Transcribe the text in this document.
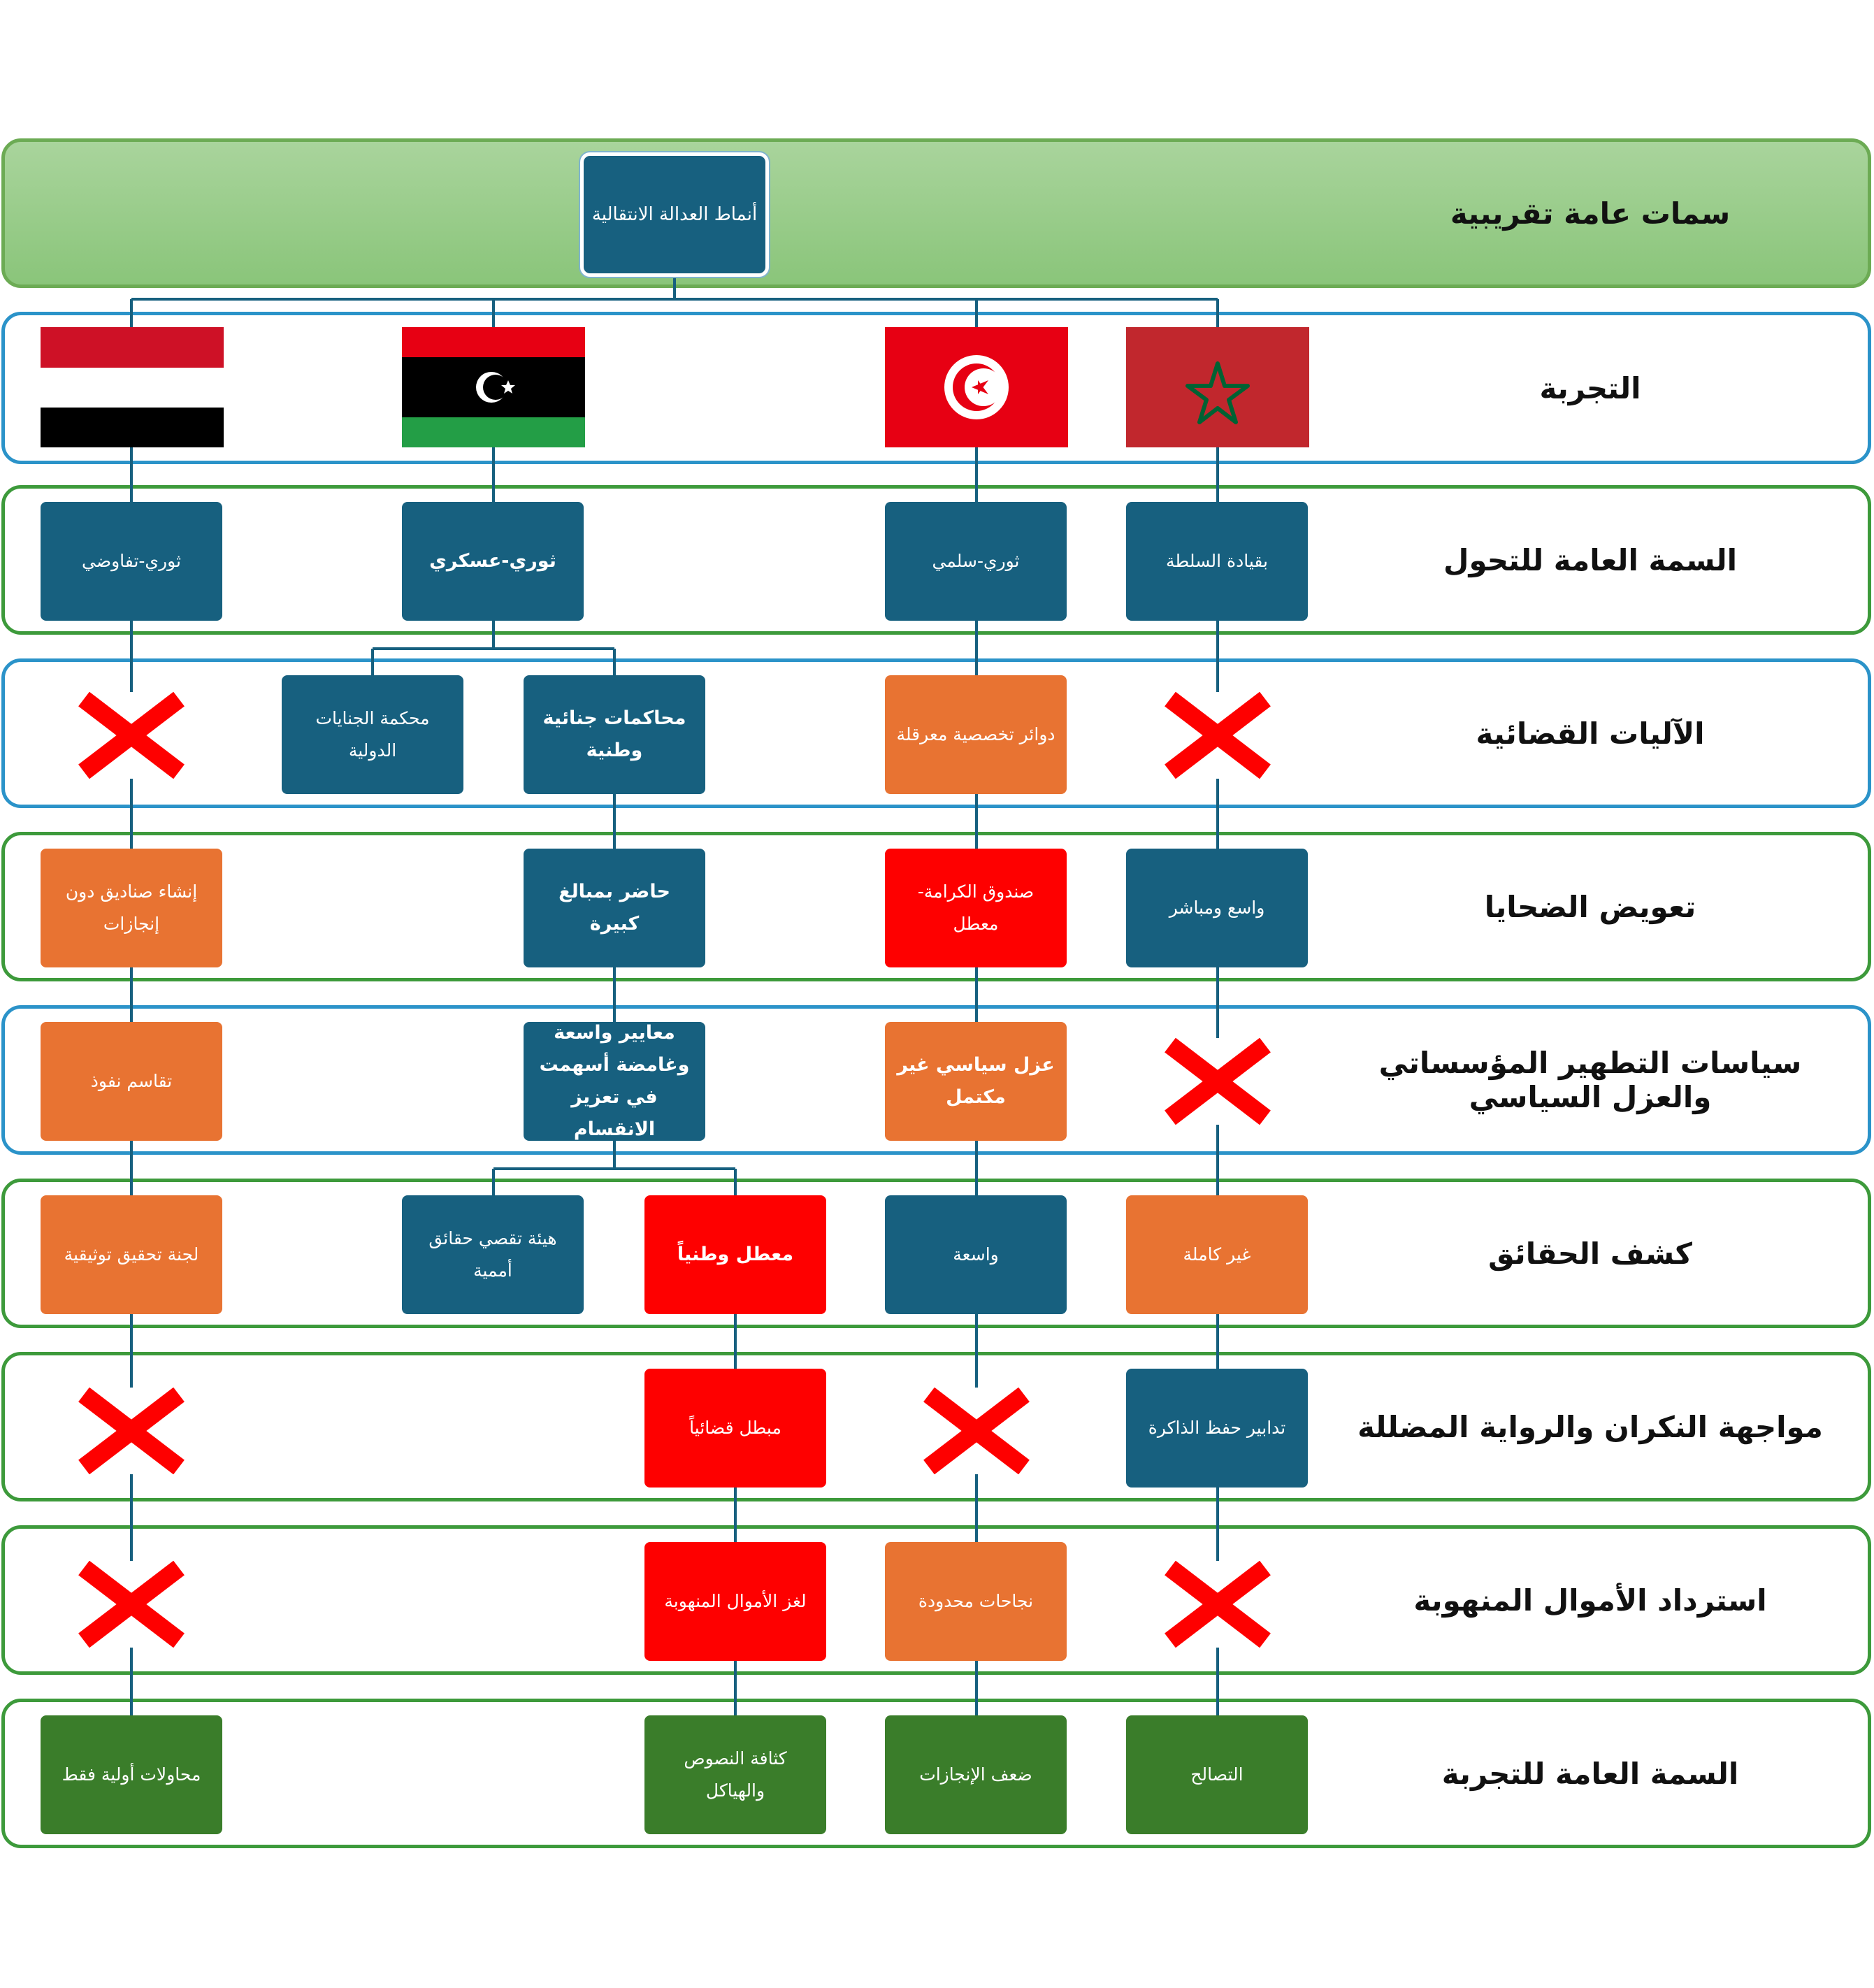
أنماط العدالة الانتقالية	سمات عامة تقريبية
التجربة
السمة العامة للتحول
الآليات القضائية
تعويض الضحايا
سياسات التطهير المؤسساتي والعزل السياسي
كشف الحقائق
مواجهة النكران والرواية المضللة
استرداد الأموال المنهوبة
السمة العامة للتجربة
بقيادة السلطة
ثوري-سلمي
ثوري-عسكري
ثوري-تفاوضي
دوائر تخصصية معرقلة
محاكمات جنائية وطنية
محكمة الجنايات الدولية
واسع ومباشر
صندوق الكرامة- معطل
حاضر بمبالغ كبيرة
إنشاء صناديق دون إنجازات
عزل سياسي غير مكتمل
معايير واسعة وغامضة أسهمت في تعزيز الانقسام
تقاسم نفوذ
غير كاملة
واسعة
معطل وطنياً
هيئة تقصي حقائق أممية
لجنة تحقيق توثيقية
تدابير حفظ الذاكرة
مبطل قضائياً
نجاحات محدودة
لغز الأموال المنهوبة
التصالح
ضعف الإنجازات
كثافة النصوص والهياكل
محاولات أولية فقط
